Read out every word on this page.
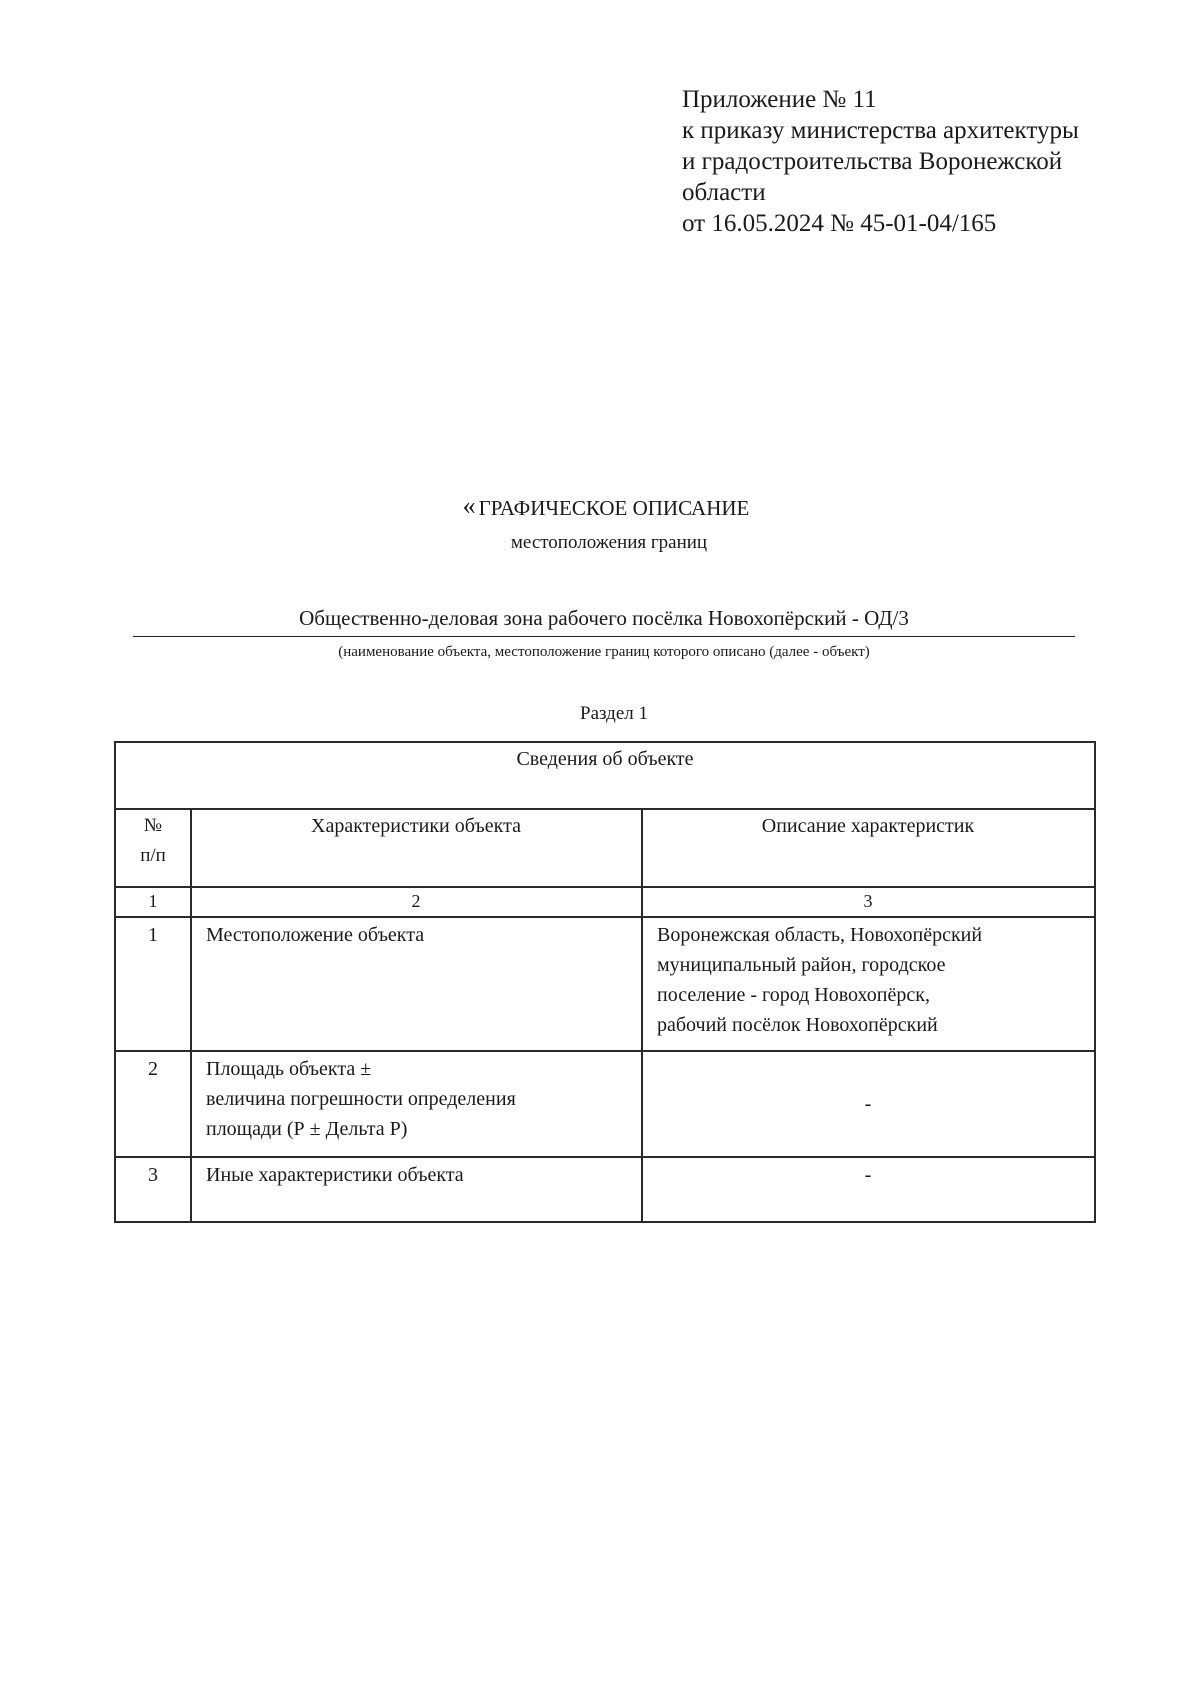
Приложение № 11
к приказу министерства архитектуры
и градостроительства Воронежской
области
от 16.05.2024 № 45-01-04/165
« ГРАФИЧЕСКОЕ ОПИСАНИЕ
местоположения границ
Общественно-деловая зона рабочего посёлка Новохопёрский - ОД/3
(наименование объекта, местоположение границ которого описано (далее - объект)
Раздел 1
Сведения об объекте		

№
п/п	Характеристики объекта	Описание характеристик
1	2	3
1	Местоположение объекта	Воронежская область, Новохопёрский
муниципальный район, городское
поселение - город Новохопёрск,
рабочий посёлок Новохопёрский

2	Площадь объекта ±
величина погрешности определения
площади (Р ± Дельта Р)	-
3	Иные характеристики объекта	-
